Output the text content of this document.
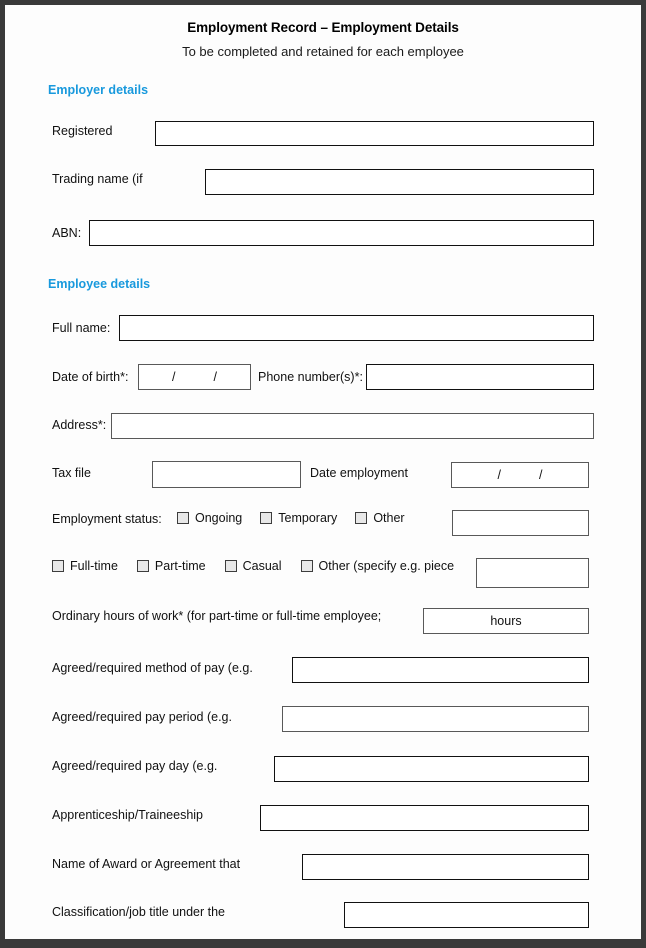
Employment Record – Employment Details
To be completed and retained for each employee
Employer details
Registered
Trading name (if
ABN:
Employee details
Full name:
Date of birth*:	/	/	Phone number(s)*:
Address*:
Tax file	Date employment	/	/
Employment status:	Ongoing	Temporary	Other
Full-time	Part-time	Casual	Other (specify e.g. piece
Ordinary hours of work* (for part-time or full-time employee;	hours
Agreed/required method of pay (e.g.
Agreed/required pay period (e.g.
Agreed/required pay day (e.g.
Apprenticeship/Traineeship
Name of Award or Agreement that
Classification/job title under the
